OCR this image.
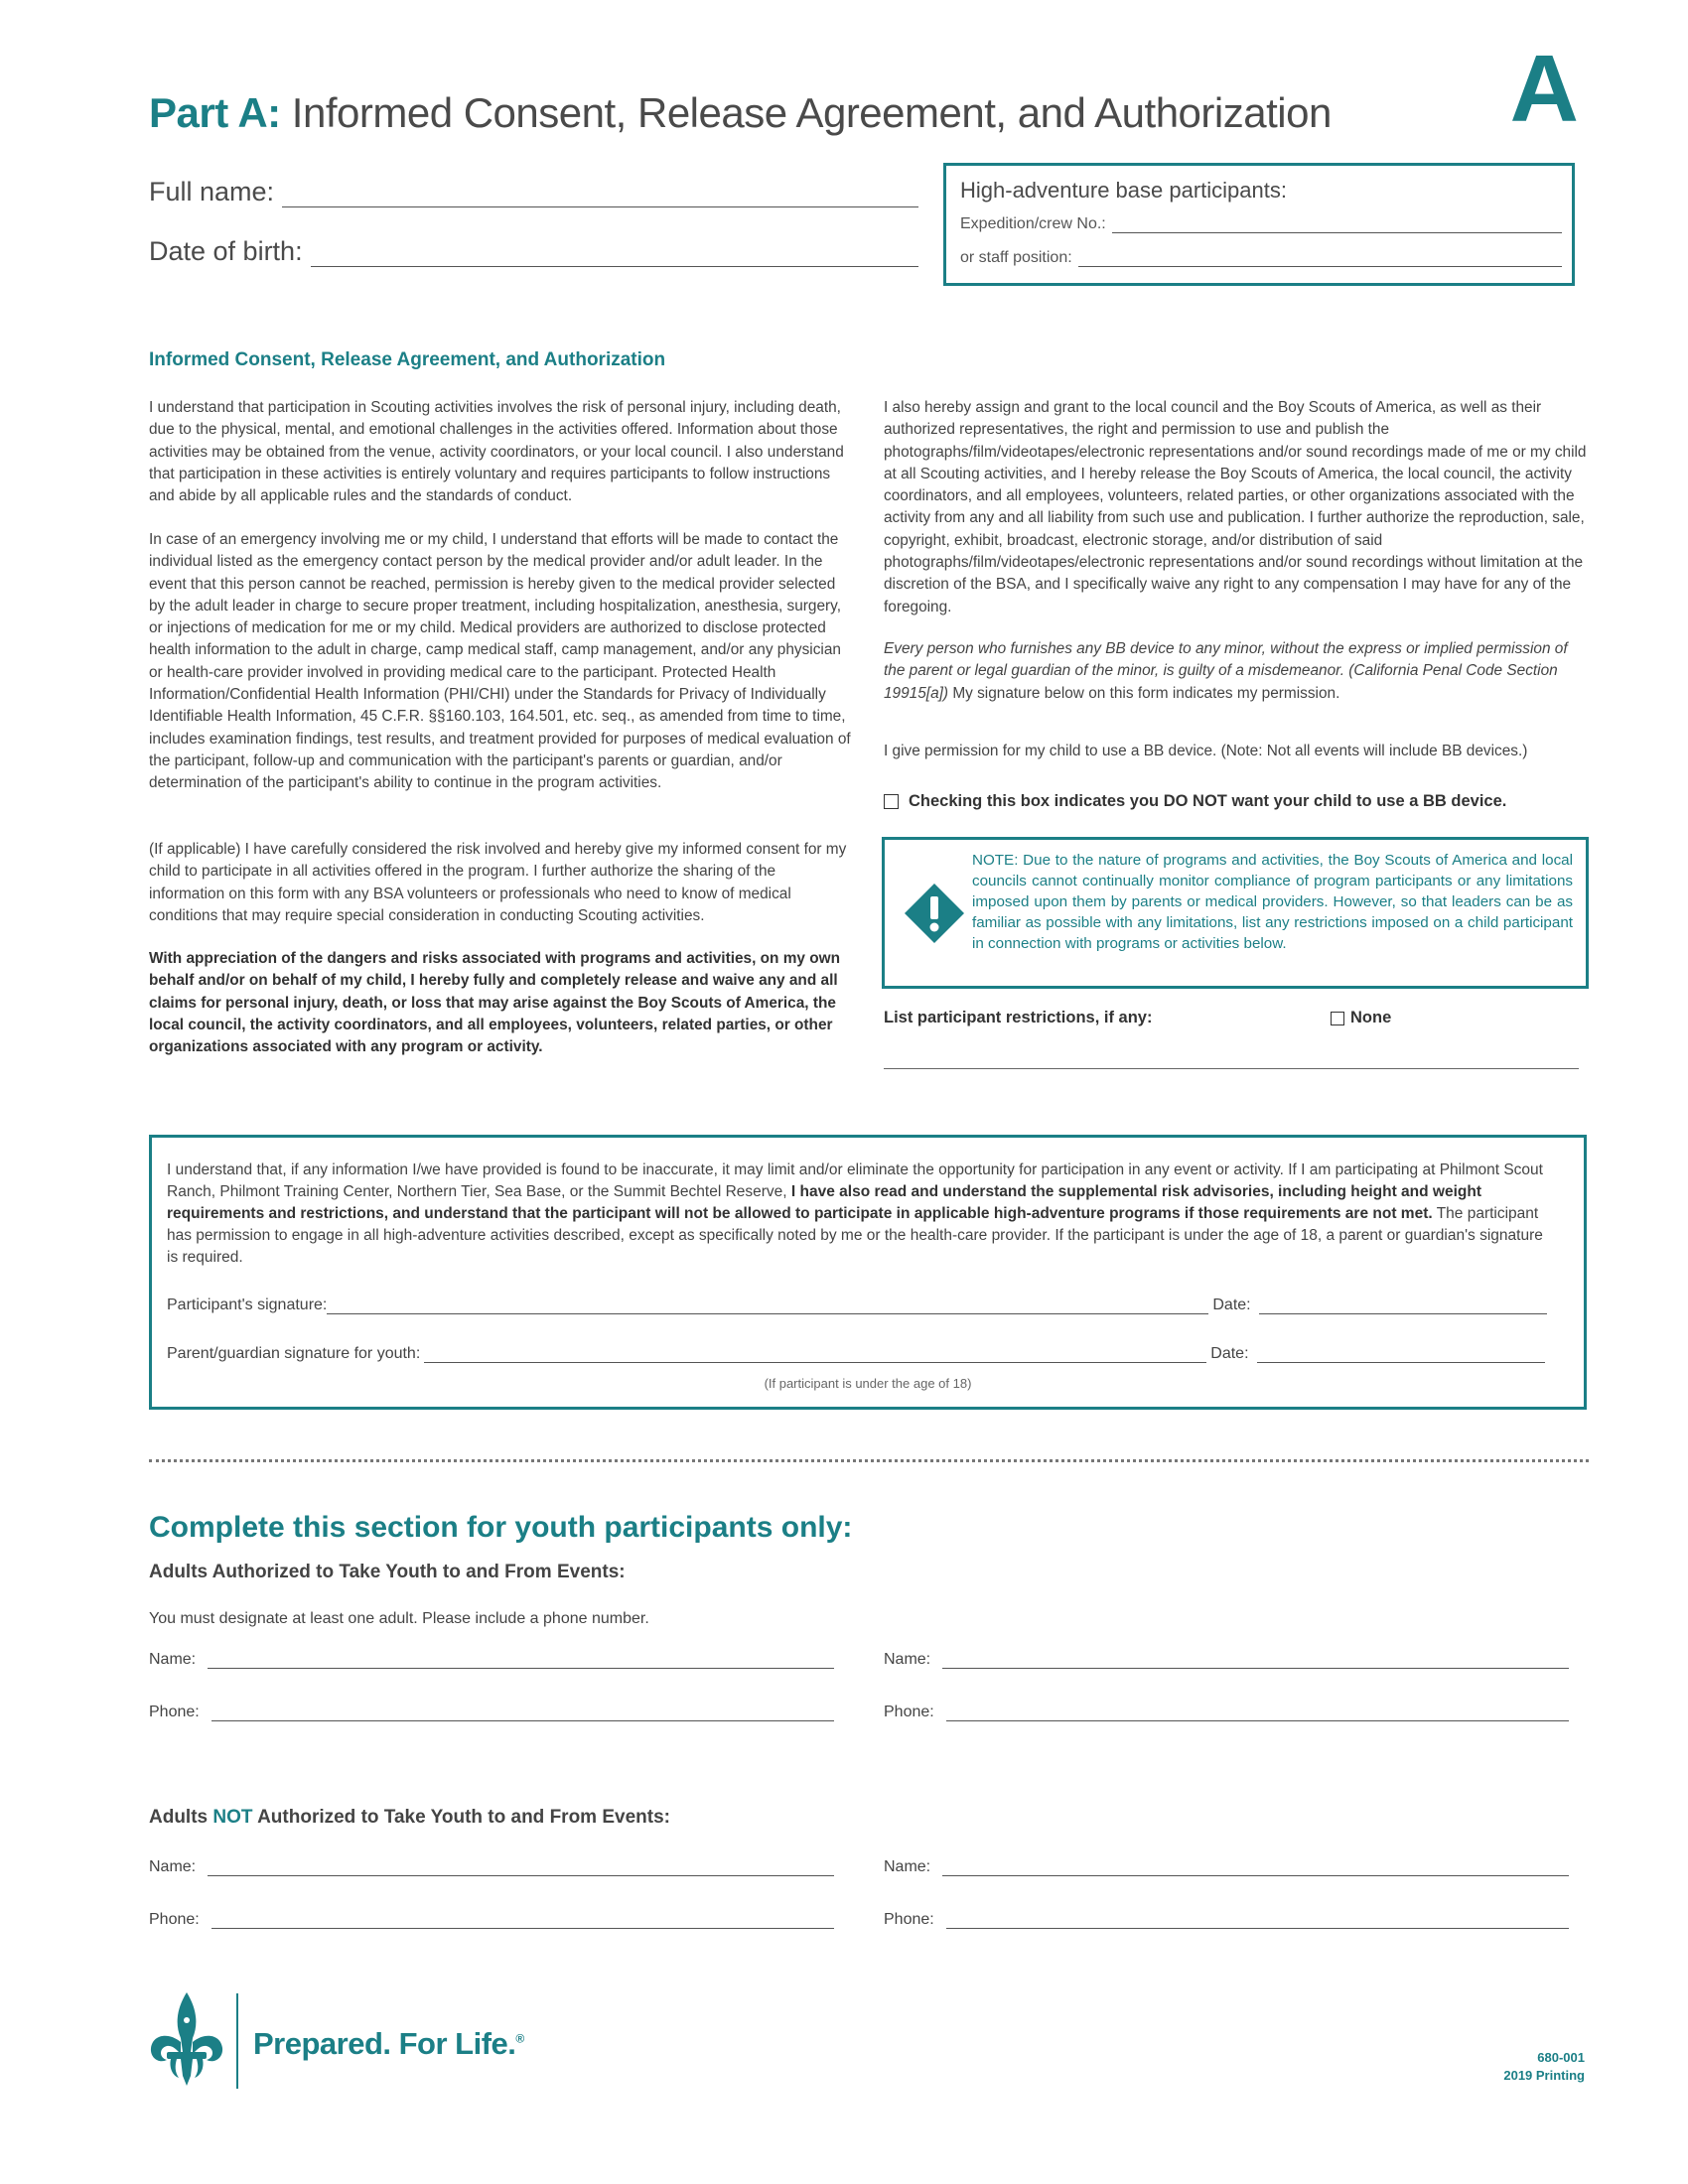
Part A: Informed Consent, Release Agreement, and Authorization A
Full name:
Date of birth:
High-adventure base participants:
Expedition/crew No.:
or staff position:
Informed Consent, Release Agreement, and Authorization
I understand that participation in Scouting activities involves the risk of personal injury, including death, due to the physical, mental, and emotional challenges in the activities offered. Information about those activities may be obtained from the venue, activity coordinators, or your local council. I also understand that participation in these activities is entirely voluntary and requires participants to follow instructions and abide by all applicable rules and the standards of conduct.
In case of an emergency involving me or my child, I understand that efforts will be made to contact the individual listed as the emergency contact person by the medical provider and/or adult leader. In the event that this person cannot be reached, permission is hereby given to the medical provider selected by the adult leader in charge to secure proper treatment, including hospitalization, anesthesia, surgery, or injections of medication for me or my child. Medical providers are authorized to disclose protected health information to the adult in charge, camp medical staff, camp management, and/or any physician or health-care provider involved in providing medical care to the participant. Protected Health Information/Confidential Health Information (PHI/CHI) under the Standards for Privacy of Individually Identifiable Health Information, 45 C.F.R. §§160.103, 164.501, etc. seq., as amended from time to time, includes examination findings, test results, and treatment provided for purposes of medical evaluation of the participant, follow-up and communication with the participant's parents or guardian, and/or determination of the participant's ability to continue in the program activities.
(If applicable) I have carefully considered the risk involved and hereby give my informed consent for my child to participate in all activities offered in the program. I further authorize the sharing of the information on this form with any BSA volunteers or professionals who need to know of medical conditions that may require special consideration in conducting Scouting activities.
With appreciation of the dangers and risks associated with programs and activities, on my own behalf and/or on behalf of my child, I hereby fully and completely release and waive any and all claims for personal injury, death, or loss that may arise against the Boy Scouts of America, the local council, the activity coordinators, and all employees, volunteers, related parties, or other organizations associated with any program or activity.
I also hereby assign and grant to the local council and the Boy Scouts of America, as well as their authorized representatives, the right and permission to use and publish the photographs/film/videotapes/electronic representations and/or sound recordings made of me or my child at all Scouting activities, and I hereby release the Boy Scouts of America, the local council, the activity coordinators, and all employees, volunteers, related parties, or other organizations associated with the activity from any and all liability from such use and publication. I further authorize the reproduction, sale, copyright, exhibit, broadcast, electronic storage, and/or distribution of said photographs/film/videotapes/electronic representations and/or sound recordings without limitation at the discretion of the BSA, and I specifically waive any right to any compensation I may have for any of the foregoing.
Every person who furnishes any BB device to any minor, without the express or implied permission of the parent or legal guardian of the minor, is guilty of a misdemeanor. (California Penal Code Section 19915[a]) My signature below on this form indicates my permission.
I give permission for my child to use a BB device. (Note: Not all events will include BB devices.)
Checking this box indicates you DO NOT want your child to use a BB device.
NOTE: Due to the nature of programs and activities, the Boy Scouts of America and local councils cannot continually monitor compliance of program participants or any limitations imposed upon them by parents or medical providers. However, so that leaders can be as familiar as possible with any limitations, list any restrictions imposed on a child participant in connection with programs or activities below.
List participant restrictions, if any:	None
I understand that, if any information I/we have provided is found to be inaccurate, it may limit and/or eliminate the opportunity for participation in any event or activity. If I am participating at Philmont Scout Ranch, Philmont Training Center, Northern Tier, Sea Base, or the Summit Bechtel Reserve, I have also read and understand the supplemental risk advisories, including height and weight requirements and restrictions, and understand that the participant will not be allowed to participate in applicable high-adventure programs if those requirements are not met. The participant has permission to engage in all high-adventure activities described, except as specifically noted by me or the health-care provider. If the participant is under the age of 18, a parent or guardian's signature is required.
Participant's signature:	Date:
Parent/guardian signature for youth:	Date:
(If participant is under the age of 18)
Complete this section for youth participants only:
Adults Authorized to Take Youth to and From Events:
You must designate at least one adult. Please include a phone number.
Name:	Name:
Phone:	Phone:
Adults NOT Authorized to Take Youth to and From Events:
Name:	Name:
Phone:	Phone:
Prepared. For Life.®
680-001
2019 Printing
